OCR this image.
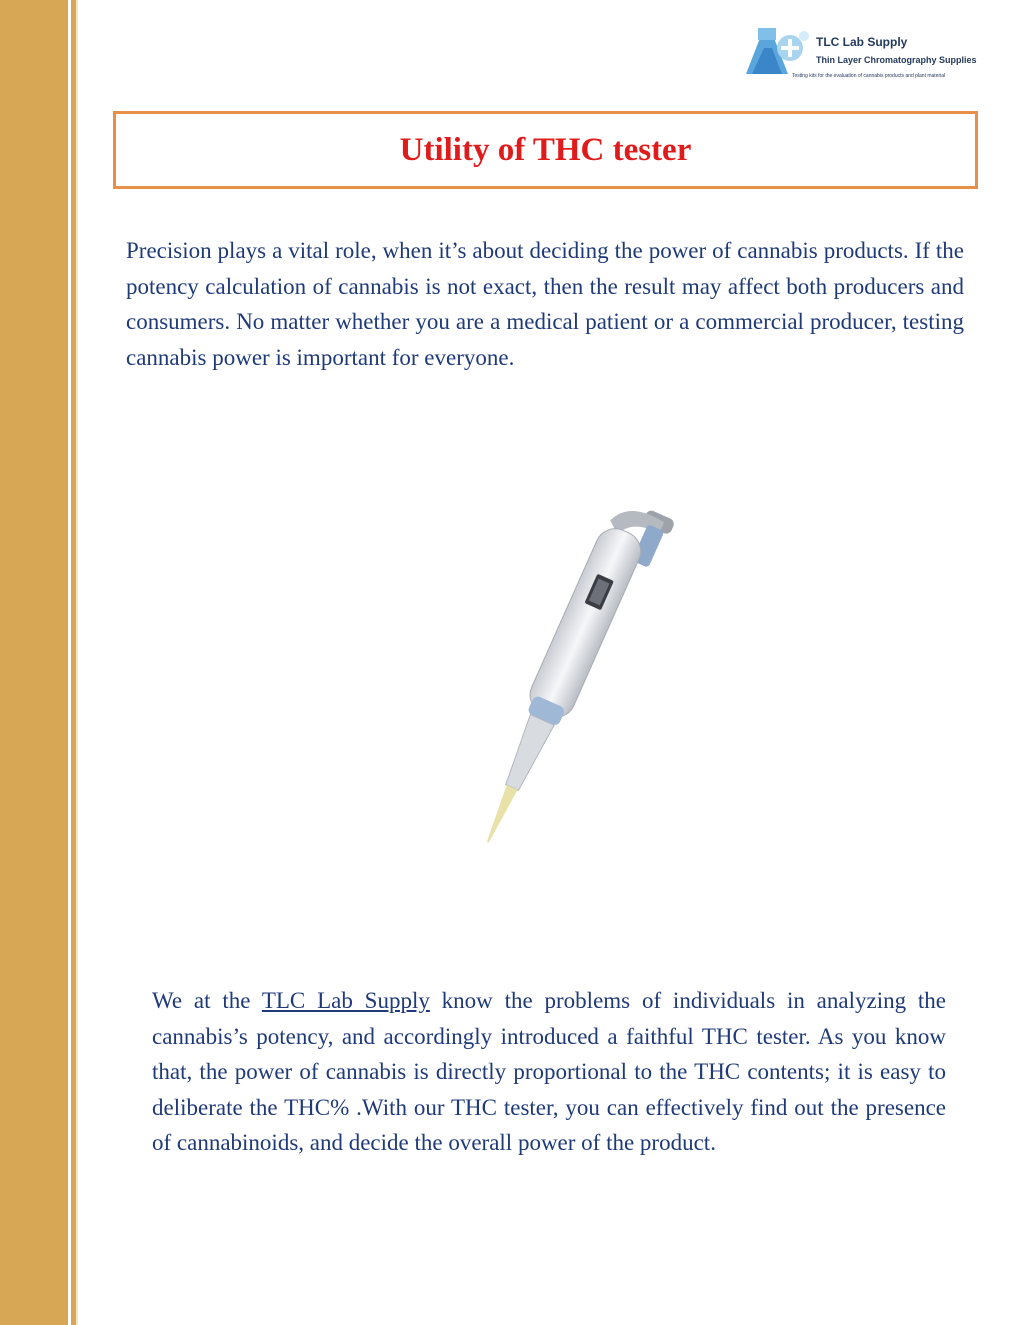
TLC Lab Supply
Thin Layer Chromatography Supplies
Testing kits for the evaluation of cannabis products and plant material
Utility of THC tester

Precision plays a vital role, when it’s about deciding the power of cannabis products. If the potency calculation of cannabis is not exact, then the result may affect both producers and consumers. No matter whether you are a medical patient or a commercial producer, testing cannabis power is important for everyone.

We at the TLC Lab Supply know the problems of individuals in analyzing the cannabis’s potency, and accordingly introduced a faithful THC tester. As you know that, the power of cannabis is directly proportional to the THC contents; it is easy to deliberate the THC% .With our THC tester, you can effectively find out the presence of cannabinoids, and decide the overall power of the product.
